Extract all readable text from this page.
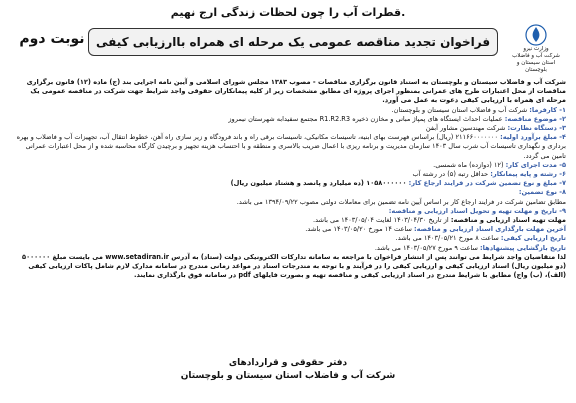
قطرات آب را چون لحظات زندگی ارج نهیم.
فراخوان تجدید مناقصه عمومی یک مرحله ای همراه باارزیابی کیفی
نوبت دوم
وزارت نیرو
شرکت آب و فاضلاب
استان سیستان و بلوچستان

شرکت آب و فاضلاب سیستان و بلوچستان به استناد قانون برگزاری مناقصات - مصوب ۱۳۸۳ مجلس شورای اسلامی و آیین نامه اجرایی بند (ج) ماده (۱۲) قانون برگزاری مناقصات از محل اعتبارات طرح های عمرانی بمنظور اجرای پروژه ای مطابق مشخصات زیر از کلیه پیمانکاران حقوقی واجد شرایط جهت شرکت در مناقصه عمومی یک مرحله ای همراه با ارزیابی کیفی دعوت به عمل می آورد.

۱- کارفرما: شرکت آب و فاضلاب استان سیستان و بلوچستان.

۲- موضوع مناقصه: عملیات احداث ایستگاه های پمپاژ مبانی و مخازن ذخیره R1.R2.R3 مجتمع سفیدابه شهرستان نیمروز

۳- دستگاه نظارت: شرکت مهندسین مشاور آبفن

۴- مبلغ برآورد اولیه: ۲۱۱۶۶۰۰۰۰۰۰۰ (ریال) براساس فهرست بهای ابنیه، تاسیسات مکانیکی، تاسیسات برقی راه و باند فرودگاه و زیر سازی راه آهن، خطوط انتقال آب، تجهیزات آب و فاضلاب و بهره برداری و نگهداری تاسیسات آب شرب سال ۱۴۰۳ سازمان مدیریت و برنامه ریزی با اعمال ضریب بالاسری و منطقه و با احتساب هزینه تجهیز و برچیدن کارگاه محاسبه شده و از محل اعتبارات عمرانی تامین می گردد.

۵- مدت اجرای کار: (۱۲ (دوازده) ماه شمسی.

۶- رشته و پایه پیمانکار: حداقل رتبه (۵) در رشته آب

۷- مبلغ و نوع تضمین شرکت در فرایند ارجاع کار: ۱۰۵۸۰۰۰۰۰۰ (ده میلیارد و پانصد و هشتاد میلیون ریال)

۸- نوع تضمین:

مطابق تضامین شرکت در فرایند ارجاع کار بر اساس آیین نامه تضمین برای معاملات دولتی مصوب ۱۳۹۴/۰۹/۲۲ می باشد.

۹- تاریخ و مهلت تهیه و تحویل اسناد ارزیابی و مناقصه:

مهلت تهیه اسناد ارزیابی و مناقصه: از تاریخ ۱۴۰۳/۰۴/۳۰ لغایت ۱۴۰۳/۰۵/۰۴ می باشد.

آخرین مهلت بارگذاری اسناد ارزیابی و مناقصه: ساعت ۱۴ مورخ ۱۴۰۳/۰۵/۲۰ می باشد.

تاریخ ارزیابی کیفی: ساعت ۸ مورخ ۱۴۰۳/۰۵/۲۱ می باشد.

تاریخ بازگشایی پیشنهادها: ساعت ۹ مورخ ۱۴۰۳/۰۵/۲۷ می باشد.

لذا متقاضیان واجد شرایط می توانند پس از انتشار فراخوان با مراجعه به سامانه تدارکات الکترونیکی دولت (ستاد) به آدرس www.setadiran.ir می بایست مبلغ ۵۰۰۰۰۰۰ (دو میلیون ریال) اسناد ارزیابی کیفی و ارزیابی کیفی را در فرآیند و با توجه به مندرجات اسناد در مواعد زمانی مندرج در سامانه مدارک لازم شامل پاکات ارزیابی کیفی (الف)، (ب) واج) مطابق با شرایط مندرج در اسناد ارزیابی کیفی و مناقصه تهیه و بصورت فایلهای pdf در سامانه فوق بارگذاری نمایند.

دفتر حقوقی و قراردادهای
شرکت آب و فاضلاب استان سیستان و بلوچستان
